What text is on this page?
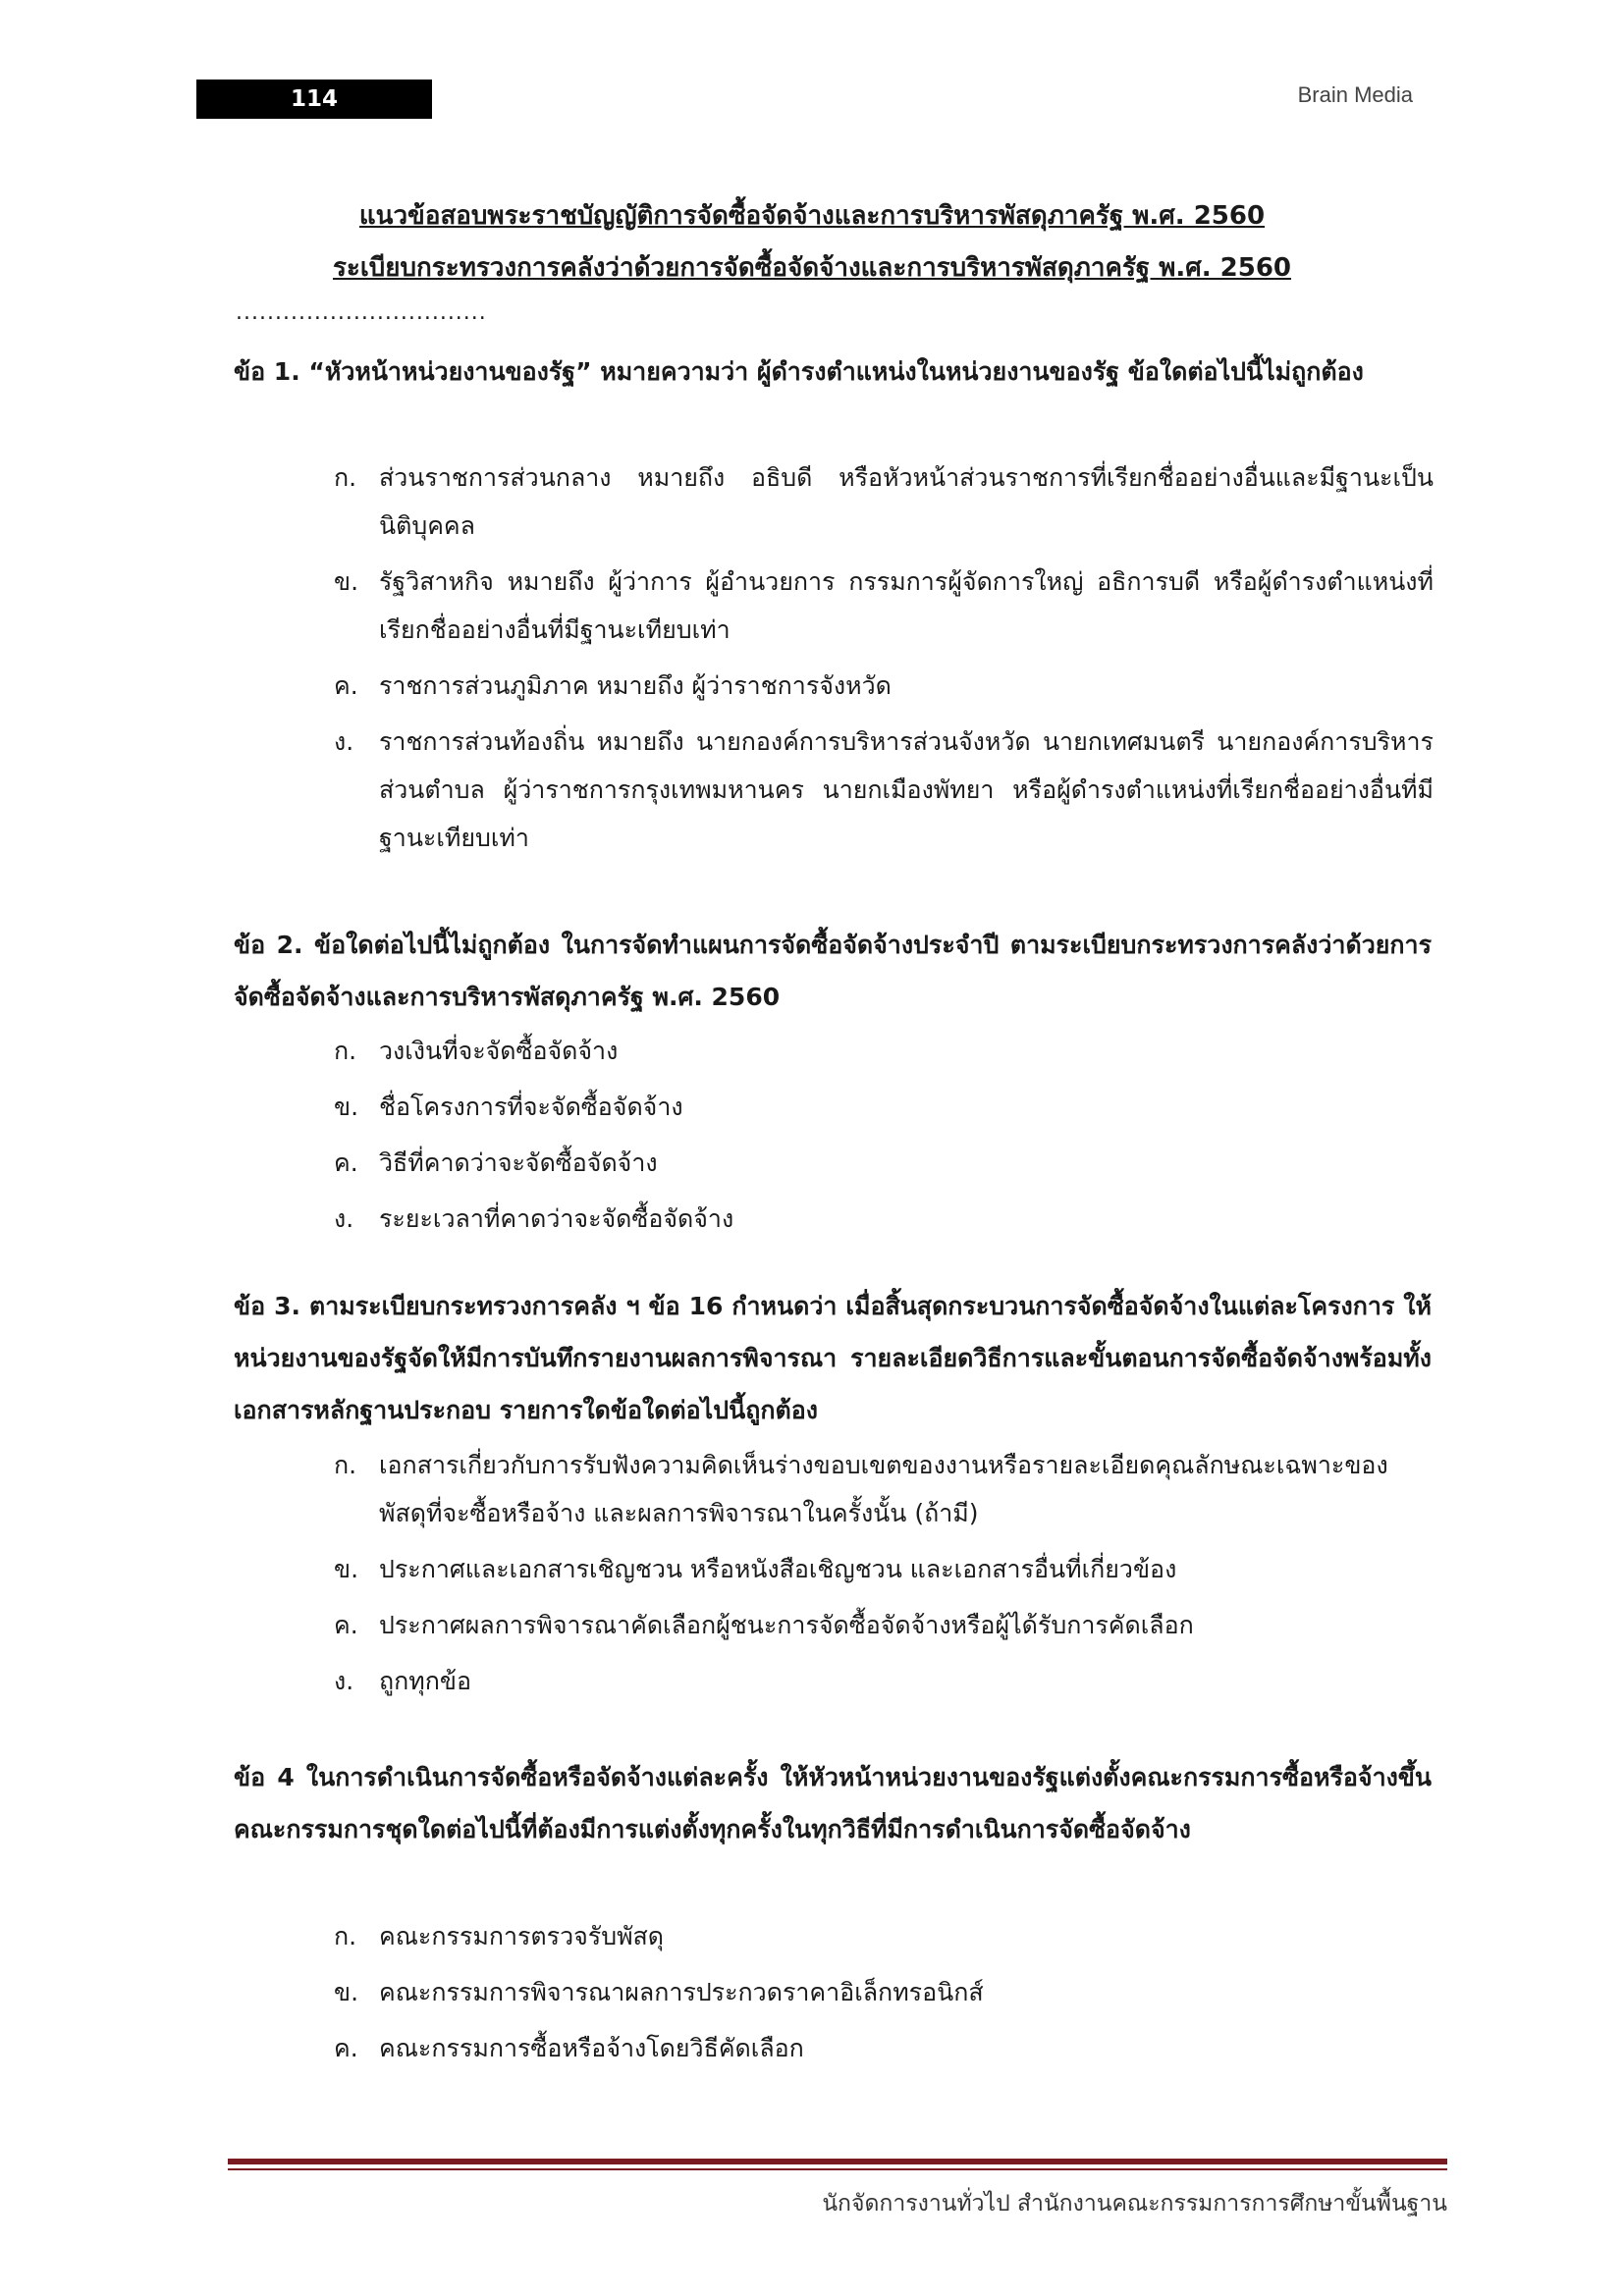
114	Brain Media
แนวข้อสอบพระราชบัญญัติการจัดซื้อจัดจ้างและการบริหารพัสดุภาครัฐ พ.ศ. 2560
ระเบียบกระทรวงการคลังว่าด้วยการจัดซื้อจัดจ้างและการบริหารพัสดุภาครัฐ พ.ศ. 2560
................................
ข้อ 1. “หัวหน้าหน่วยงานของรัฐ” หมายความว่า ผู้ดำรงตำแหน่งในหน่วยงานของรัฐ ข้อใดต่อไปนี้ไม่ถูกต้อง
ก. ส่วนราชการส่วนกลาง หมายถึง อธิบดี หรือหัวหน้าส่วนราชการที่เรียกชื่ออย่างอื่นและมีฐานะเป็นนิติบุคคล
ข. รัฐวิสาหกิจ หมายถึง ผู้ว่าการ ผู้อำนวยการ กรรมการผู้จัดการใหญ่ อธิการบดี หรือผู้ดำรงตำแหน่งที่เรียกชื่ออย่างอื่นที่มีฐานะเทียบเท่า
ค. ราชการส่วนภูมิภาค หมายถึง ผู้ว่าราชการจังหวัด
ง.	ราชการส่วนท้องถิ่น หมายถึง นายกองค์การบริหารส่วนจังหวัด นายกเทศมนตรี นายกองค์การบริหารส่วนตำบล ผู้ว่าราชการกรุงเทพมหานคร นายกเมืองพัทยา หรือผู้ดำรงตำแหน่งที่เรียกชื่ออย่างอื่นที่มีฐานะเทียบเท่า
ข้อ 2. ข้อใดต่อไปนี้ไม่ถูกต้อง ในการจัดทำแผนการจัดซื้อจัดจ้างประจำปี ตามระเบียบกระทรวงการคลังว่าด้วยการจัดซื้อจัดจ้างและการบริหารพัสดุภาครัฐ พ.ศ. 2560
ก. วงเงินที่จะจัดซื้อจัดจ้าง
ข. ชื่อโครงการที่จะจัดซื้อจัดจ้าง
ค. วิธีที่คาดว่าจะจัดซื้อจัดจ้าง
ง.	ระยะเวลาที่คาดว่าจะจัดซื้อจัดจ้าง
ข้อ 3. ตามระเบียบกระทรวงการคลัง ฯ ข้อ 16 กำหนดว่า เมื่อสิ้นสุดกระบวนการจัดซื้อจัดจ้างในแต่ละโครงการ ให้หน่วยงานของรัฐจัดให้มีการบันทึกรายงานผลการพิจารณา รายละเอียดวิธีการและขั้นตอนการจัดซื้อจัดจ้างพร้อมทั้งเอกสารหลักฐานประกอบ รายการใดข้อใดต่อไปนี้ถูกต้อง
ก. เอกสารเกี่ยวกับการรับฟังความคิดเห็นร่างขอบเขตของงานหรือรายละเอียดคุณลักษณะเฉพาะของพัสดุที่จะซื้อหรือจ้าง และผลการพิจารณาในครั้งนั้น (ถ้ามี)
ข. ประกาศและเอกสารเชิญชวน หรือหนังสือเชิญชวน และเอกสารอื่นที่เกี่ยวข้อง
ค. ประกาศผลการพิจารณาคัดเลือกผู้ชนะการจัดซื้อจัดจ้างหรือผู้ได้รับการคัดเลือก
ง.	ถูกทุกข้อ
ข้อ 4 ในการดำเนินการจัดซื้อหรือจัดจ้างแต่ละครั้ง ให้หัวหน้าหน่วยงานของรัฐแต่งตั้งคณะกรรมการซื้อหรือจ้างขึ้น คณะกรรมการชุดใดต่อไปนี้ที่ต้องมีการแต่งตั้งทุกครั้งในทุกวิธีที่มีการดำเนินการจัดซื้อจัดจ้าง
ก. คณะกรรมการตรวจรับพัสดุ
ข. คณะกรรมการพิจารณาผลการประกวดราคาอิเล็กทรอนิกส์
ค. คณะกรรมการซื้อหรือจ้างโดยวิธีคัดเลือก
นักจัดการงานทั่วไป สำนักงานคณะกรรมการการศึกษาขั้นพื้นฐาน
